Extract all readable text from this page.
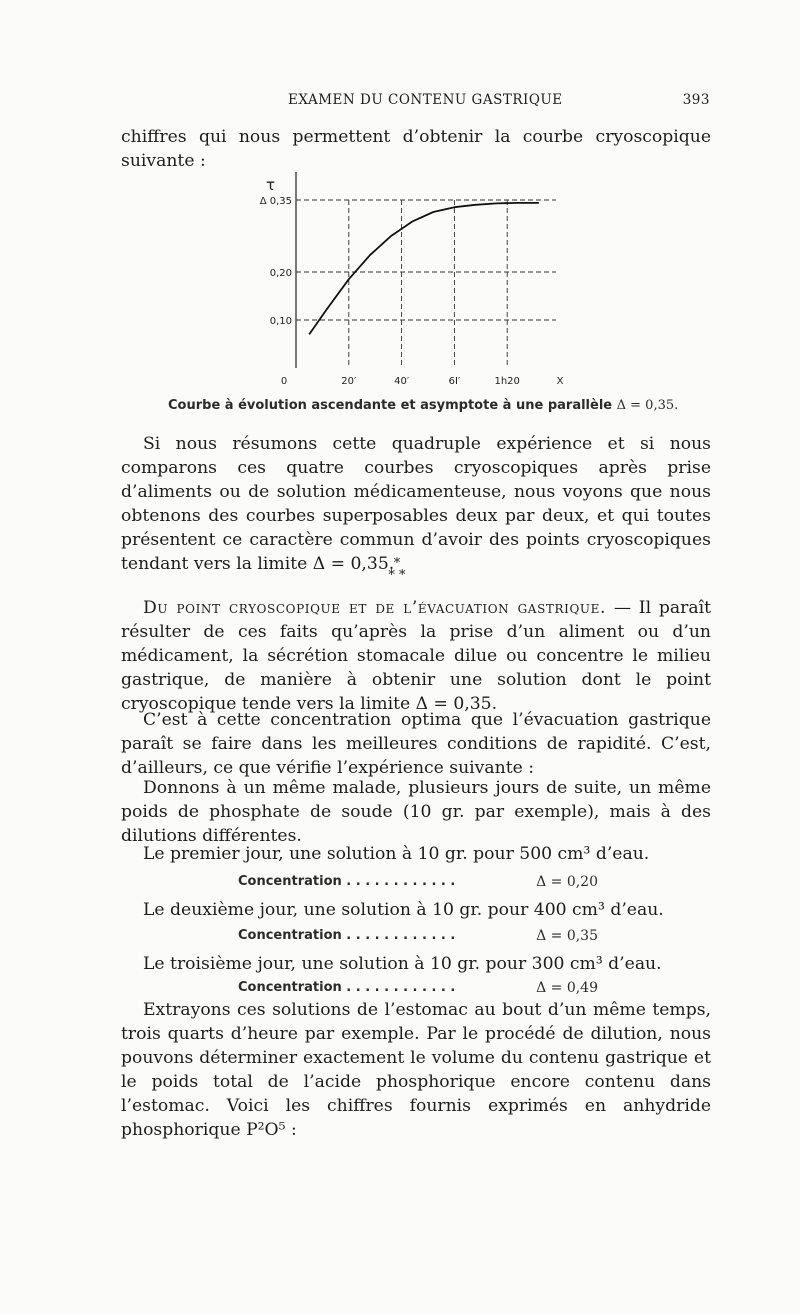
EXAMEN DU CONTENU GASTRIQUE	393
chiffres qui nous permettent d’obtenir la courbe cryoscopique suivante :
τ
Δ 0,35
0,20
0,10
0	20′	40′	6I′	1h20	X
Courbe à évolution ascendante et asymptote à une parallèle Δ = 0,35.
Si nous résumons cette quadruple expérience et si nous comparons ces quatre courbes cryoscopiques après prise d’aliments ou de solution médicamenteuse, nous voyons que nous obtenons des courbes superposables deux par deux, et qui toutes présentent ce caractère commun d’avoir des points cryoscopiques tendant vers la limite Δ = 0,35. *
* *
Du point cryoscopique et de l’évacuation gastrique. — Il paraît résulter de ces faits qu’après la prise d’un aliment ou d’un médicament, la sécrétion stomacale dilue ou concentre le milieu gastrique, de manière à obtenir une solution dont le point cryoscopique tende vers la limite Δ = 0,35.
C’est à cette concentration optima que l’évacuation gastrique paraît se faire dans les meilleures conditions de rapidité. C’est, d’ailleurs, ce que vérifie l’expérience suivante :
Donnons à un même malade, plusieurs jours de suite, un même poids de phosphate de soude (10 gr. par exemple), mais à des dilutions différentes.
Le premier jour, une solution à 10 gr. pour 500 cm³ d’eau.
Concentration . . . . . . . . . . . .	Δ = 0,20
Le deuxième jour, une solution à 10 gr. pour 400 cm³ d’eau.
Concentration . . . . . . . . . . . .	Δ = 0,35
Le troisième jour, une solution à 10 gr. pour 300 cm³ d’eau.
Concentration . . . . . . . . . . . .	Δ = 0,49
Extrayons ces solutions de l’estomac au bout d’un même temps, trois quarts d’heure par exemple. Par le procédé de dilution, nous pouvons déterminer exactement le volume du contenu gastrique et le poids total de l’acide phosphorique encore contenu dans l’estomac. Voici les chiffres fournis exprimés en anhydride phosphorique P²O⁵ :
